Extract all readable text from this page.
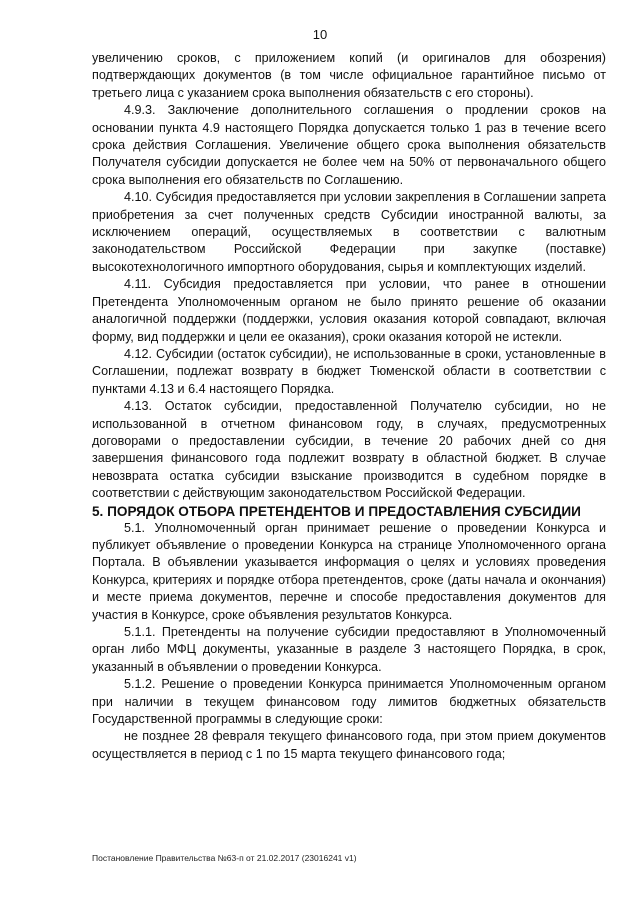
10

увеличению сроков, с приложением копий (и оригиналов для обозрения) подтверждающих документов (в том числе официальное гарантийное письмо от третьего лица с указанием срока выполнения обязательств с его стороны).

4.9.3. Заключение дополнительного соглашения о продлении сроков на основании пункта 4.9 настоящего Порядка допускается только 1 раз в течение всего срока действия Соглашения. Увеличение общего срока выполнения обязательств Получателя субсидии допускается не более чем на 50% от первоначального общего срока выполнения его обязательств по Соглашению.

4.10. Субсидия предоставляется при условии закрепления в Соглашении запрета приобретения за счет полученных средств Субсидии иностранной валюты, за исключением операций, осуществляемых в соответствии с валютным законодательством Российской Федерации при закупке (поставке) высокотехнологичного импортного оборудования, сырья и комплектующих изделий.

4.11. Субсидия предоставляется при условии, что ранее в отношении Претендента Уполномоченным органом не было принято решение об оказании аналогичной поддержки (поддержки, условия оказания которой совпадают, включая форму, вид поддержки и цели ее оказания), сроки оказания которой не истекли.

4.12. Субсидии (остаток субсидии), не использованные в сроки, установленные в Соглашении, подлежат возврату в бюджет Тюменской области в соответствии с пунктами 4.13 и 6.4 настоящего Порядка.

4.13. Остаток субсидии, предоставленной Получателю субсидии, но не использованной в отчетном финансовом году, в случаях, предусмотренных договорами о предоставлении субсидии, в течение 20 рабочих дней со дня завершения финансового года подлежит возврату в областной бюджет. В случае невозврата остатка субсидии взыскание производится в судебном порядке в соответствии с действующим законодательством Российской Федерации.

5. ПОРЯДОК ОТБОРА ПРЕТЕНДЕНТОВ И ПРЕДОСТАВЛЕНИЯ СУБСИДИИ

5.1. Уполномоченный орган принимает решение о проведении Конкурса и публикует объявление о проведении Конкурса на странице Уполномоченного органа Портала. В объявлении указывается информация о целях и условиях проведения Конкурса, критериях и порядке отбора претендентов, сроке (даты начала и окончания) и месте приема документов, перечне и способе предоставления документов для участия в Конкурсе, сроке объявления результатов Конкурса.

5.1.1. Претенденты на получение субсидии предоставляют в Уполномоченный орган либо МФЦ документы, указанные в разделе 3 настоящего Порядка, в срок, указанный в объявлении о проведении Конкурса.

5.1.2. Решение о проведении Конкурса принимается Уполномоченным органом при наличии в текущем финансовом году лимитов бюджетных обязательств Государственной программы в следующие сроки:

не позднее 28 февраля текущего финансового года, при этом прием документов осуществляется в период с 1 по 15 марта текущего финансового года;

Постановление Правительства №63-п от 21.02.2017 (23016241 v1)
